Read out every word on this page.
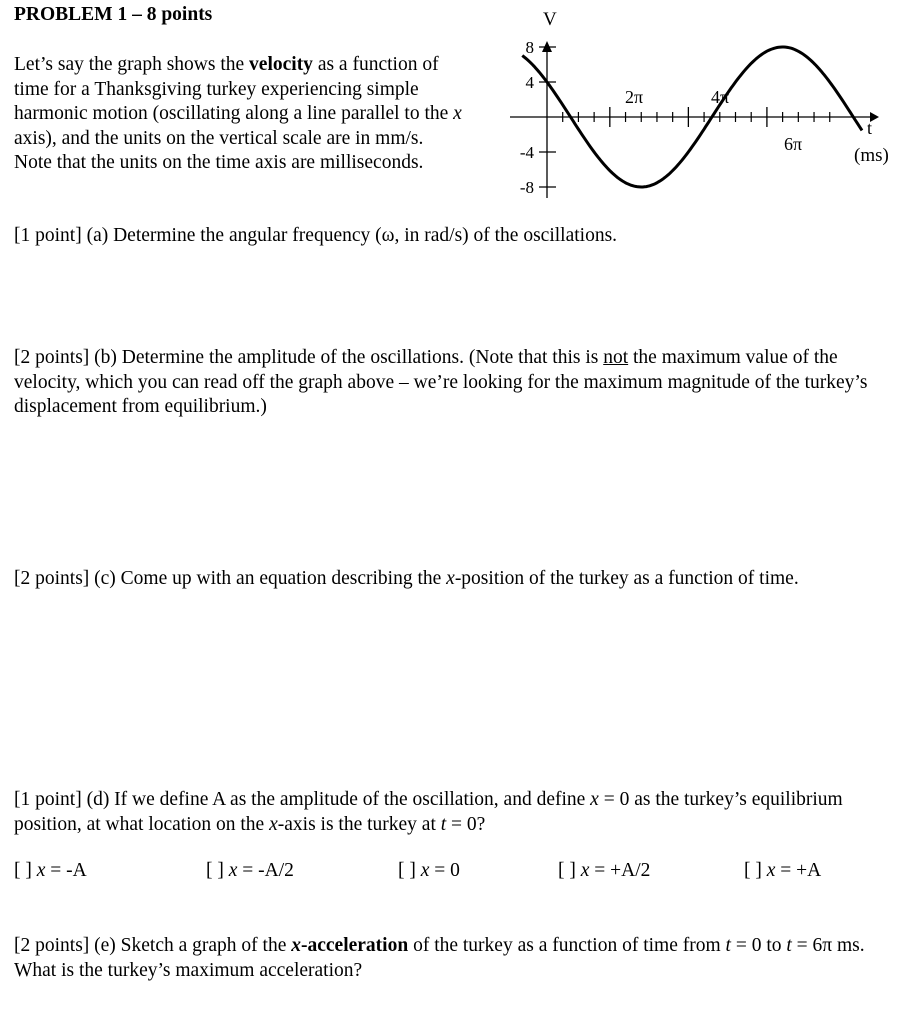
PROBLEM 1 – 8 points
Let’s say the graph shows the velocity as a function of time for a Thanksgiving turkey experiencing simple harmonic motion (oscillating along a line parallel to the x axis), and the units on the vertical scale are in mm/s. Note that the units on the time axis are milliseconds.
8
4
-4
-8
2π	4π
6π
V
t
(ms)
[1 point] (a) Determine the angular frequency (ω, in rad/s) of the oscillations.
[2 points] (b) Determine the amplitude of the oscillations. (Note that this is not the maximum value of the velocity, which you can read off the graph above – we’re looking for the maximum magnitude of the turkey’s displacement from equilibrium.)
[2 points] (c) Come up with an equation describing the x-position of the turkey as a function of time.
[1 point] (d) If we define A as the amplitude of the oscillation, and define x = 0 as the turkey’s equilibrium position, at what location on the x-axis is the turkey at t = 0?
[ ] x = -A	[ ] x = -A/2	[ ] x = 0	[ ] x = +A/2	[ ] x = +A
[2 points] (e) Sketch a graph of the x-acceleration of the turkey as a function of time from t = 0 to t = 6π ms. What is the turkey’s maximum acceleration?
